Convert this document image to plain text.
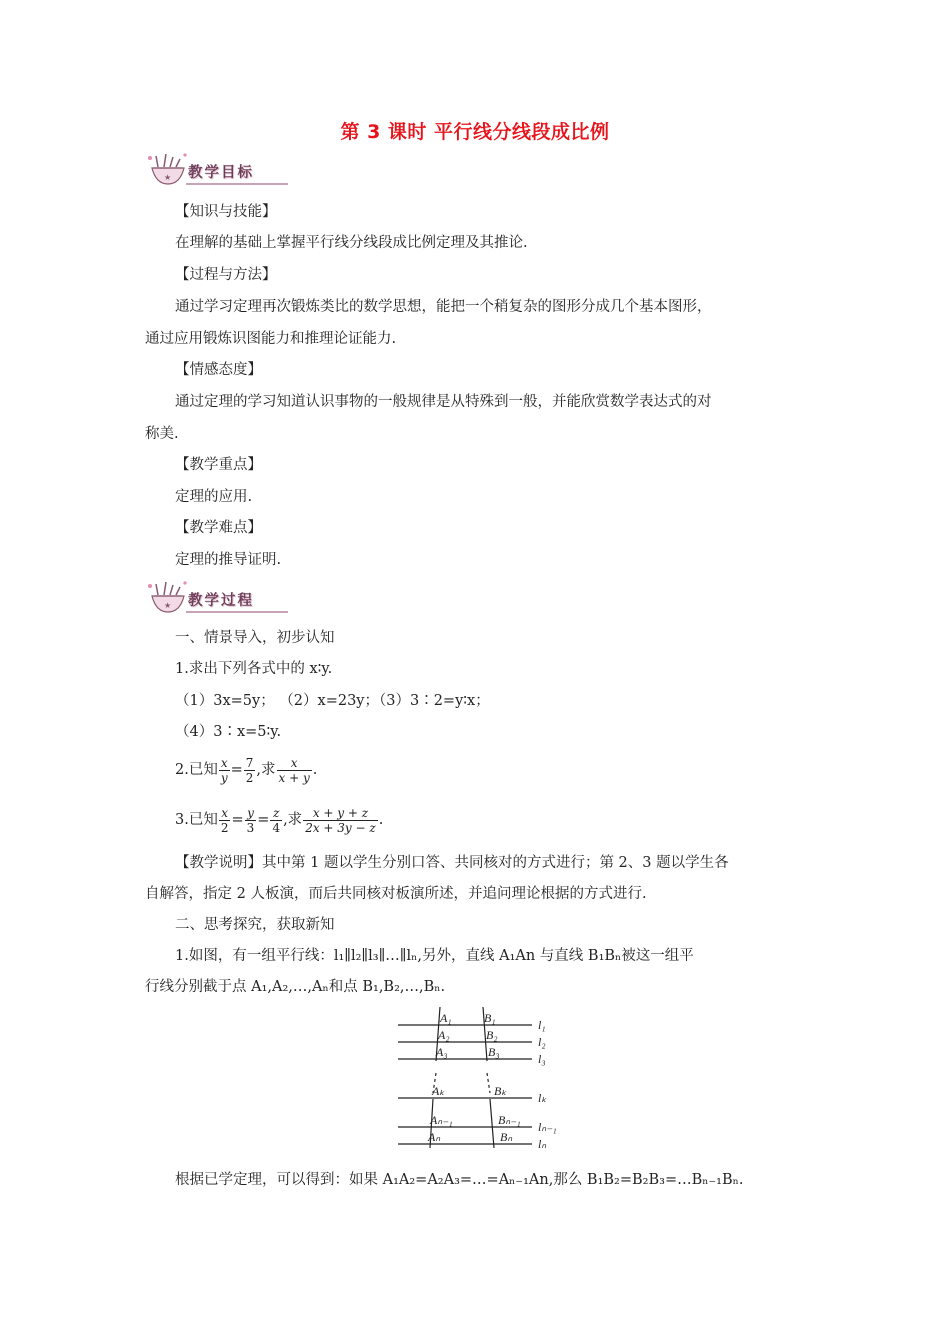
第 3 课时 平行线分线段成比例
★ 教学目标
【知识与技能】
在理解的基础上掌握平行线分线段成比例定理及其推论.
【过程与方法】
通过学习定理再次锻炼类比的数学思想，能把一个稍复杂的图形分成几个基本图形，
通过应用锻炼识图能力和推理论证能力.
【情感态度】
通过定理的学习知道认识事物的一般规律是从特殊到一般，并能欣赏数学表达式的对
称美.
【教学重点】
定理的应用.
【教学难点】
定理的推导证明.
★ 教学过程
一、情景导入，初步认知
1.求出下列各式中的 x∶y.
（1）3x=5y； （2）x=23y；（3）3∶2=y∶x；
（4）3∶x=5∶y.
2.已知 $\frac{x}{y} = \frac{7}{2}$ ,求 $\frac{x}{x + y}$ .
3.已知 $\frac{x}{2} = \frac{y}{3} = \frac{z}{4}$ ,求 $\frac{x + y + z}{2x + 3y - z}$ .
【教学说明】其中第 1 题以学生分别口答、共同核对的方式进行；第 2、3 题以学生各
自解答，指定 2 人板演，而后共同核对板演所述，并追问理论根据的方式进行.
二、思考探究，获取新知
1.如图，有一组平行线：l₁∥l₂∥l₃∥…∥lₙ,另外，直线 A₁An 与直线 B₁Bₙ被这一组平
行线分别截于点 A₁,A₂,…,Aₙ和点 B₁,B₂,…,Bₙ.
A₁
A₂
A₃
Aₖ
Aₙ₋₁
Aₙ
B₁
B₂
B₃
Bₖ
Bₙ₋₁
Bₙ
l₁
l₂
l₃
lₖ
lₙ₋₁
lₙ
根据已学定理，可以得到：如果 A₁A₂=A₂A₃=…=Aₙ₋₁An,那么 B₁B₂=B₂B₃=…Bₙ₋₁Bₙ.
